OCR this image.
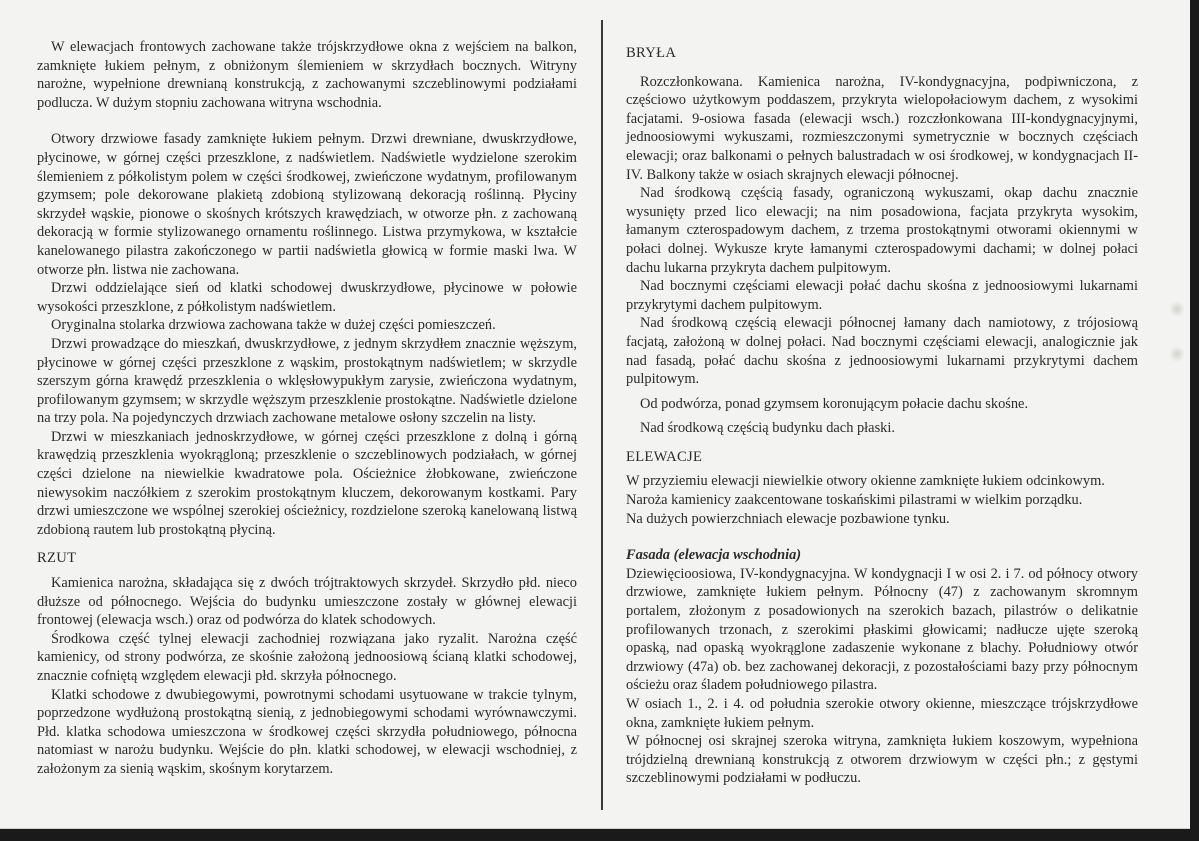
W elewacjach frontowych zachowane także trójskrzydłowe okna z wejściem na balkon, zamknięte łukiem pełnym, z obniżonym ślemieniem w skrzydłach bocznych. Witryny narożne, wypełnione drewnianą konstrukcją, z zachowanymi szczeblinowymi podziałami podlucza. W dużym stopniu zachowana witryna wschodnia.

Otwory drzwiowe fasady zamknięte łukiem pełnym. Drzwi drewniane, dwuskrzydłowe, płycinowe, w górnej części przeszklone, z nadświetlem. Nadświetle wydzielone szerokim ślemieniem z półkolistym polem w części środkowej, zwieńczone wydatnym, profilowanym gzymsem; pole dekorowane plakietą zdobioną stylizowaną dekoracją roślinną. Płyciny skrzydeł wąskie, pionowe o skośnych krótszych krawędziach, w otworze płn. z zachowaną dekoracją w formie stylizowanego ornamentu roślinnego. Listwa przymykowa, w kształcie kanelowanego pilastra zakończonego w partii nadświetla głowicą w formie maski lwa. W otworze płn. listwa nie zachowana.

Drzwi oddzielające sień od klatki schodowej dwuskrzydłowe, płycinowe w połowie wysokości przeszklone, z półkolistym nadświetlem.

Oryginalna stolarka drzwiowa zachowana także w dużej części pomieszczeń.

Drzwi prowadzące do mieszkań, dwuskrzydłowe, z jednym skrzydłem znacznie węższym, płycinowe w górnej części przeszklone z wąskim, prostokątnym nadświetlem; w skrzydle szerszym górna krawędź przeszklenia o wklęsłowypukłym zarysie, zwieńczona wydatnym, profilowanym gzymsem; w skrzydle węższym przeszklenie prostokątne. Nadświetle dzielone na trzy pola. Na pojedynczych drzwiach zachowane metalowe osłony szczelin na listy.

Drzwi w mieszkaniach jednoskrzydłowe, w górnej części przeszklone z dolną i górną krawędzią przeszklenia wyokrągloną; przeszklenie o szczeblinowych podziałach, w górnej części dzielone na niewielkie kwadratowe pola. Ościeżnice żłobkowane, zwieńczone niewysokim naczółkiem z szerokim prostokątnym kluczem, dekorowanym kostkami. Pary drzwi umieszczone we wspólnej szerokiej ościeżnicy, rozdzielone szeroką kanelowaną listwą zdobioną rautem lub prostokątną płyciną.

RZUT

Kamienica narożna, składająca się z dwóch trójtraktowych skrzydeł. Skrzydło płd. nieco dłuższe od północnego. Wejścia do budynku umieszczone zostały w głównej elewacji frontowej (elewacja wsch.) oraz od podwórza do klatek schodowych.

Środkowa część tylnej elewacji zachodniej rozwiązana jako ryzalit. Narożna część kamienicy, od strony podwórza, ze skośnie założoną jednoosiową ścianą klatki schodowej, znacznie cofniętą względem elewacji płd. skrzyła północnego.

Klatki schodowe z dwubiegowymi, powrotnymi schodami usytuowane w trakcie tylnym, poprzedzone wydłużoną prostokątną sienią, z jednobiegowymi schodami wyrównawczymi. Płd. klatka schodowa umieszczona w środkowej części skrzydła południowego, północna natomiast w narożu budynku. Wejście do płn. klatki schodowej, w elewacji wschodniej, z założonym za sienią wąskim, skośnym korytarzem.

BRYŁA

Rozczłonkowana. Kamienica narożna, IV-kondygnacyjna, podpiwniczona, z częściowo użytkowym poddaszem, przykryta wielopołaciowym dachem, z wysokimi facjatami. 9-osiowa fasada (elewacji wsch.) rozczłonkowana III-kondygnacyjnymi, jednoosiowymi wykuszami, rozmieszczonymi symetrycznie w bocznych częściach elewacji; oraz balkonami o pełnych balustradach w osi środkowej, w kondygnacjach II-IV. Balkony także w osiach skrajnych elewacji północnej.

Nad środkową częścią fasady, ograniczoną wykuszami, okap dachu znacznie wysunięty przed lico elewacji; na nim posadowiona, facjata przykryta wysokim, łamanym czterospadowym dachem, z trzema prostokątnymi otworami okiennymi w połaci dolnej. Wykusze kryte łamanymi czterospadowymi dachami; w dolnej połaci dachu lukarna przykryta dachem pulpitowym.

Nad bocznymi częściami elewacji połać dachu skośna z jednoosiowymi lukarnami przykrytymi dachem pulpitowym.

Nad środkową częścią elewacji północnej łamany dach namiotowy, z trójosiową facjatą, założoną w dolnej połaci. Nad bocznymi częściami elewacji, analogicznie jak nad fasadą, połać dachu skośna z jednoosiowymi lukarnami przykrytymi dachem pulpitowym.

Od podwórza, ponad gzymsem koronującym połacie dachu skośne.

Nad środkową częścią budynku dach płaski.

ELEWACJE

W przyziemiu elewacji niewielkie otwory okienne zamknięte łukiem odcinkowym.

Naroża kamienicy zaakcentowane toskańskimi pilastrami w wielkim porządku.

Na dużych powierzchniach elewacje pozbawione tynku.

Fasada (elewacja wschodnia)

Dziewięcioosiowa, IV-kondygnacyjna. W kondygnacji I w osi 2. i 7. od północy otwory drzwiowe, zamknięte łukiem pełnym. Północny (47) z zachowanym skromnym portalem, złożonym z posadowionych na szerokich bazach, pilastrów o delikatnie profilowanych trzonach, z szerokimi płaskimi głowicami; nadłucze ujęte szeroką opaską, nad opaską wyokrąglone zadaszenie wykonane z blachy. Południowy otwór drzwiowy (47a) ob. bez zachowanej dekoracji, z pozostałościami bazy przy północnym ościeżu oraz śladem południowego pilastra.

W osiach 1., 2. i 4. od południa szerokie otwory okienne, mieszczące trójskrzydłowe okna, zamknięte łukiem pełnym.

W północnej osi skrajnej szeroka witryna, zamknięta łukiem koszowym, wypełniona trójdzielną drewnianą konstrukcją z otworem drzwiowym w części płn.; z gęstymi szczeblinowymi podziałami w podłuczu.
